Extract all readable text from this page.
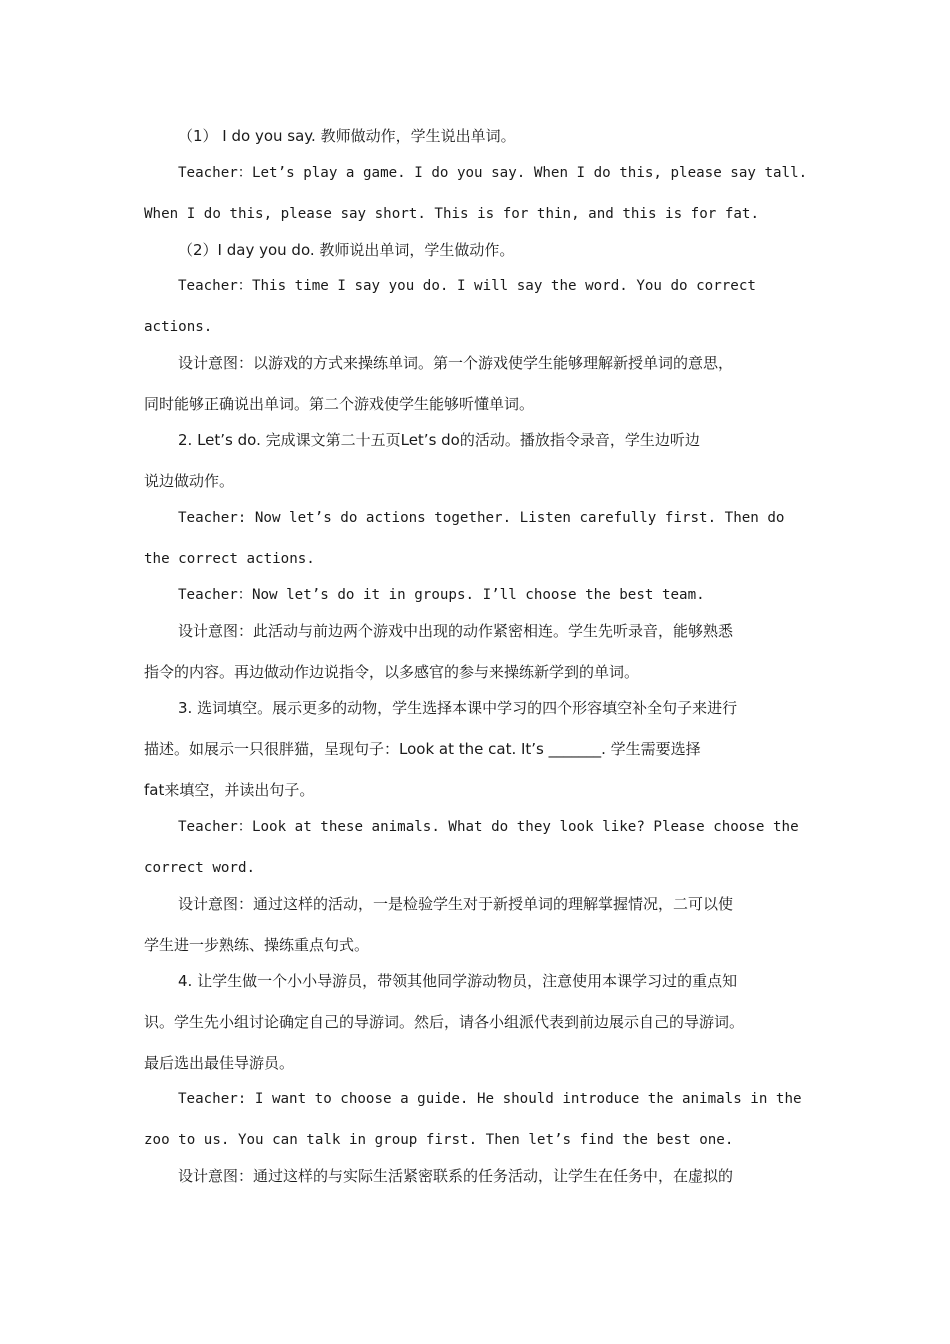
（1） I do you say. 教师做动作，学生说出单词。
Teacher：Let’s play a game. I do you say. When I do this, please say tall.
When I do this, please say short. This is for thin, and this is for fat.
（2）I day you do. 教师说出单词，学生做动作。
Teacher：This time I say you do. I will say the word. You do correct
actions.
设计意图：以游戏的方式来操练单词。第一个游戏使学生能够理解新授单词的意思，
同时能够正确说出单词。第二个游戏使学生能够听懂单词。
2. Let’s do. 完成课文第二十五页Let’s do的活动。播放指令录音，学生边听边
说边做动作。
Teacher: Now let’s do actions together. Listen carefully first. Then do
the correct actions.
Teacher：Now let’s do it in groups. I’ll choose the best team.
设计意图：此活动与前边两个游戏中出现的动作紧密相连。学生先听录音，能够熟悉
指令的内容。再边做动作边说指令，以多感官的参与来操练新学到的单词。
3. 选词填空。展示更多的动物，学生选择本课中学习的四个形容填空补全句子来进行
描述。如展示一只很胖猫，呈现句子：Look at the cat. It’s _______. 学生需要选择
fat来填空，并读出句子。
Teacher：Look at these animals. What do they look like? Please choose the
correct word.
设计意图：通过这样的活动，一是检验学生对于新授单词的理解掌握情况，二可以使
学生进一步熟练、操练重点句式。
4. 让学生做一个小小导游员，带领其他同学游动物员，注意使用本课学习过的重点知
识。学生先小组讨论确定自己的导游词。然后，请各小组派代表到前边展示自己的导游词。
最后选出最佳导游员。
Teacher: I want to choose a guide. He should introduce the animals in the
zoo to us. You can talk in group first. Then let’s find the best one.
设计意图：通过这样的与实际生活紧密联系的任务活动，让学生在任务中，在虚拟的
